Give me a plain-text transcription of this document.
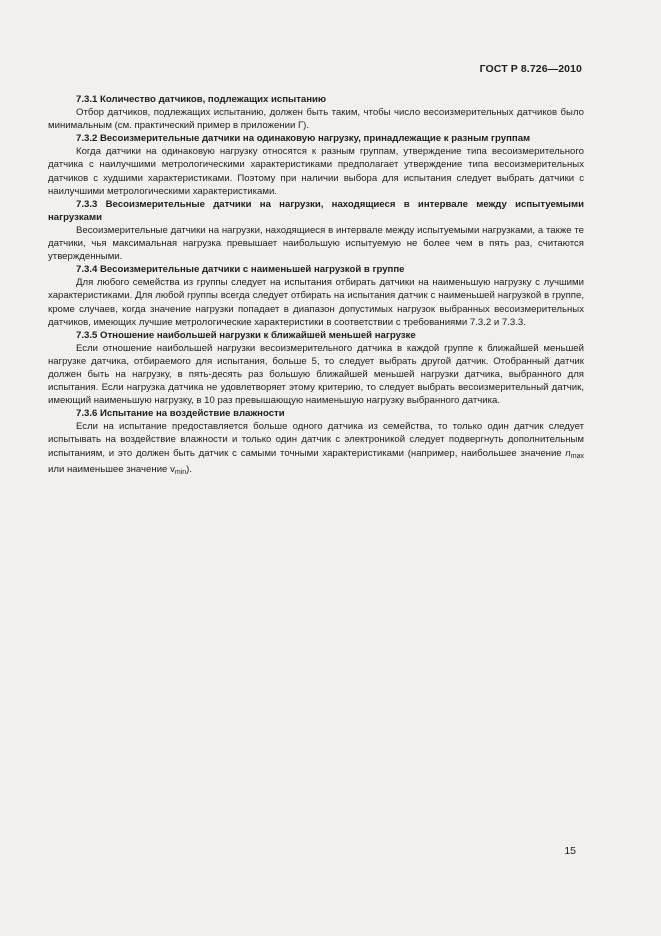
ГОСТ Р 8.726—2010

7.3.1 Количество датчиков, подлежащих испытанию

Отбор датчиков, подлежащих испытанию, должен быть таким, чтобы число весоизмерительных датчиков было минимальным (см. практический пример в приложении Г).

7.3.2 Весоизмерительные датчики на одинаковую нагрузку, принадлежащие к разным группам

Когда датчики на одинаковую нагрузку относятся к разным группам, утверждение типа весоизмерительного датчика с наилучшими метрологическими характеристиками предполагает утверждение типа весоизмерительных датчиков с худшими характеристиками. Поэтому при наличии выбора для испытания следует выбрать датчики с наилучшими метрологическими характеристиками.

7.3.3 Весоизмерительные датчики на нагрузки, находящиеся в интервале между испытуемыми нагрузками

Весоизмерительные датчики на нагрузки, находящиеся в интервале между испытуемыми нагрузками, а также те датчики, чья максимальная нагрузка превышает наибольшую испытуемую не более чем в пять раз, считаются утвержденными.

7.3.4 Весоизмерительные датчики с наименьшей нагрузкой в группе

Для любого семейства из группы следует на испытания отбирать датчики на наименьшую нагрузку с лучшими характеристиками. Для любой группы всегда следует отбирать на испытания датчик с наименьшей нагрузкой в группе, кроме случаев, когда значение нагрузки попадает в диапазон допустимых нагрузок выбранных весоизмерительных датчиков, имеющих лучшие метрологические характеристики в соответствии с требованиями 7.3.2 и 7.3.3.

7.3.5 Отношение наибольшей нагрузки к ближайшей меньшей нагрузке

Если отношение наибольшей нагрузки весоизмерительного датчика в каждой группе к ближайшей меньшей нагрузке датчика, отбираемого для испытания, больше 5, то следует выбрать другой датчик. Отобранный датчик должен быть на нагрузку, в пять-десять раз большую ближайшей меньшей нагрузки датчика, выбранного для испытания. Если нагрузка датчика не удовлетворяет этому критерию, то следует выбрать весоизмерительный датчик, имеющий наименьшую нагрузку, в 10 раз превышающую наименьшую нагрузку выбранного датчика.

7.3.6 Испытание на воздействие влажности

Если на испытание предоставляется больше одного датчика из семейства, то только один датчик следует испытывать на воздействие влажности и только один датчик с электроникой следует подвергнуть дополнительным испытаниям, и это должен быть датчик с самыми точными характеристиками (например, наибольшее значение $n_{max}$ или наименьшее значение $v_{min}$).

15
